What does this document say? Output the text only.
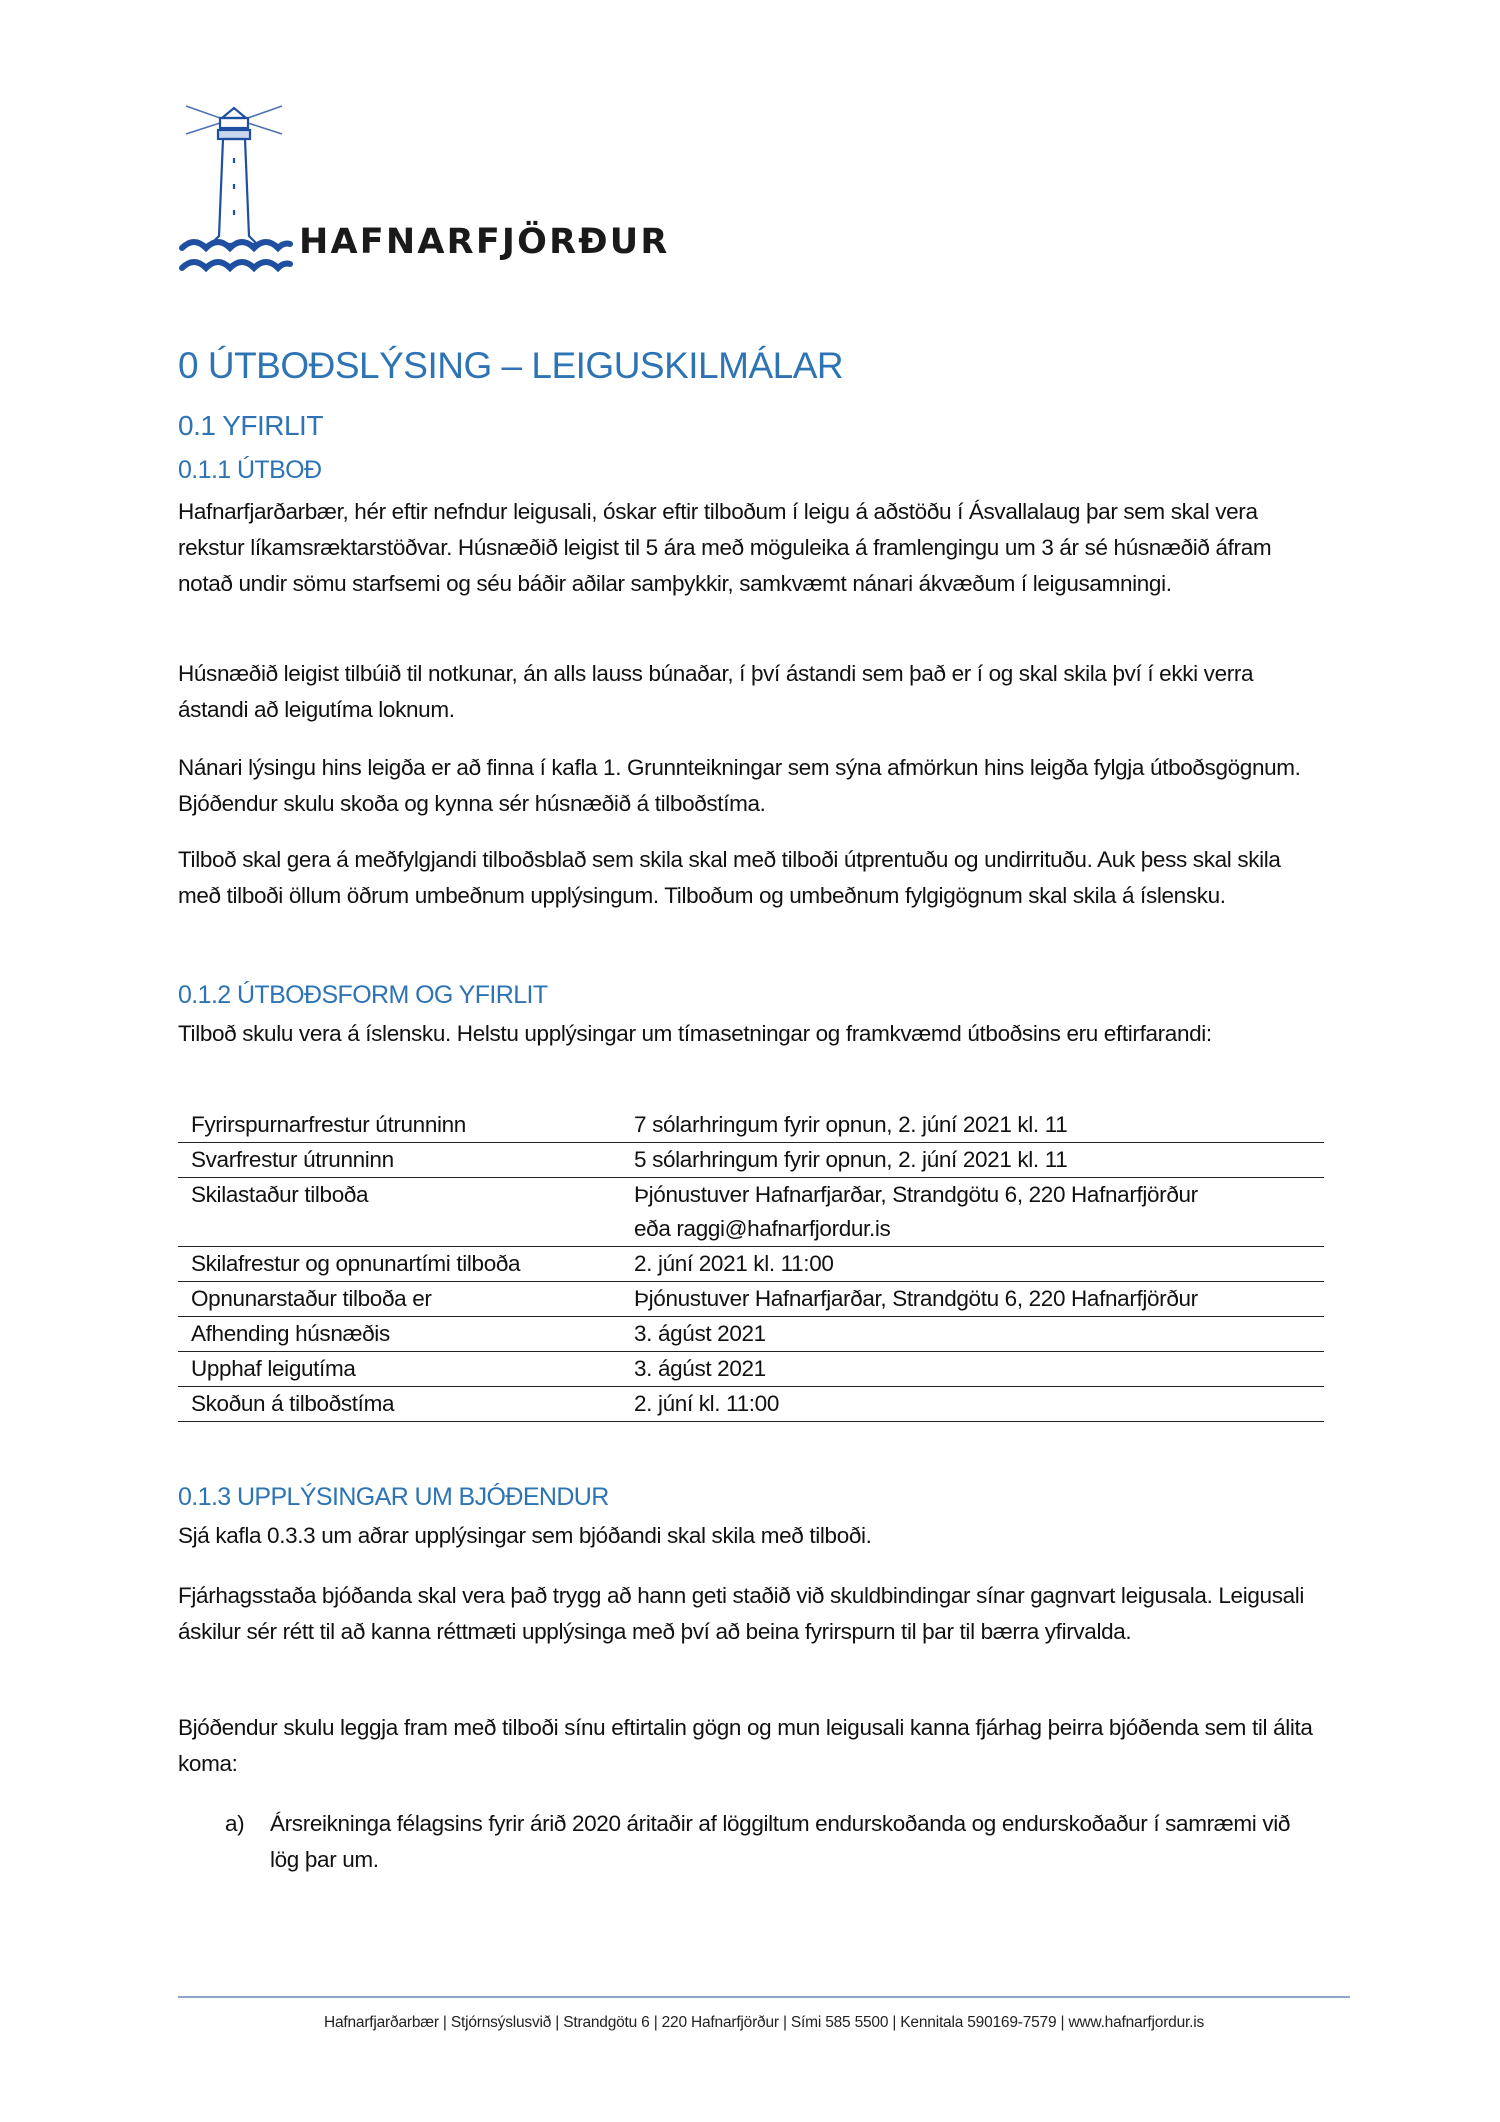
HAFNARFJÖRÐUR
0 ÚTBOÐSLÝSING – LEIGUSKILMÁLAR
0.1 YFIRLIT
0.1.1 ÚTBOÐ

Hafnarfjarðarbær, hér eftir nefndur leigusali, óskar eftir tilboðum í leigu á aðstöðu í Ásvallalaug þar sem skal vera rekstur líkamsræktarstöðvar. Húsnæðið leigist til 5 ára með möguleika á framlengingu um 3 ár sé húsnæðið áfram notað undir sömu starfsemi og séu báðir aðilar samþykkir, samkvæmt nánari ákvæðum í leigusamningi.

Húsnæðið leigist tilbúið til notkunar, án alls lauss búnaðar, í því ástandi sem það er í og skal skila því í ekki verra ástandi að leigutíma loknum.

Nánari lýsingu hins leigða er að finna í kafla 1. Grunnteikningar sem sýna afmörkun hins leigða fylgja útboðsgögnum. Bjóðendur skulu skoða og kynna sér húsnæðið á tilboðstíma.

Tilboð skal gera á meðfylgjandi tilboðsblað sem skila skal með tilboði útprentuðu og undirrituðu. Auk þess skal skila með tilboði öllum öðrum umbeðnum upplýsingum. Tilboðum og umbeðnum fylgigögnum skal skila á íslensku.

0.1.2 ÚTBOÐSFORM OG YFIRLIT

Tilboð skulu vera á íslensku. Helstu upplýsingar um tímasetningar og framkvæmd útboðsins eru eftirfarandi:

Fyrirspurnarfrestur útrunninn	7 sólarhringum fyrir opnun, 2. júní 2021 kl. 11
Svarfrestur útrunninn	5 sólarhringum fyrir opnun, 2. júní 2021 kl. 11
Skilastaður tilboða	Þjónustuver Hafnarfjarðar, Strandgötu 6, 220 Hafnarfjörður
eða raggi@hafnarfjordur.is

Skilafrestur og opnunartími tilboða	2. júní 2021 kl. 11:00
Opnunarstaður tilboða er	Þjónustuver Hafnarfjarðar, Strandgötu 6, 220 Hafnarfjörður
Afhending húsnæðis	3. ágúst 2021
Upphaf leigutíma	3. ágúst 2021
Skoðun á tilboðstíma	2. júní kl. 11:00
0.1.3 UPPLÝSINGAR UM BJÓÐENDUR

Sjá kafla 0.3.3 um aðrar upplýsingar sem bjóðandi skal skila með tilboði.

Fjárhagsstaða bjóðanda skal vera það trygg að hann geti staðið við skuldbindingar sínar gagnvart leigusala. Leigusali áskilur sér rétt til að kanna réttmæti upplýsinga með því að beina fyrirspurn til þar til bærra yfirvalda.

Bjóðendur skulu leggja fram með tilboði sínu eftirtalin gögn og mun leigusali kanna fjárhag þeirra bjóðenda sem til álita koma:

a) Ársreikninga félagsins fyrir árið 2020 áritaðir af löggiltum endurskoðanda og endurskoðaður í samræmi við lög þar um.
Hafnarfjarðarbær | Stjórnsýslusvið | Strandgötu 6 | 220 Hafnarfjörður | Sími 585 5500 | Kennitala 590169-7579 | www.hafnarfjordur.is
